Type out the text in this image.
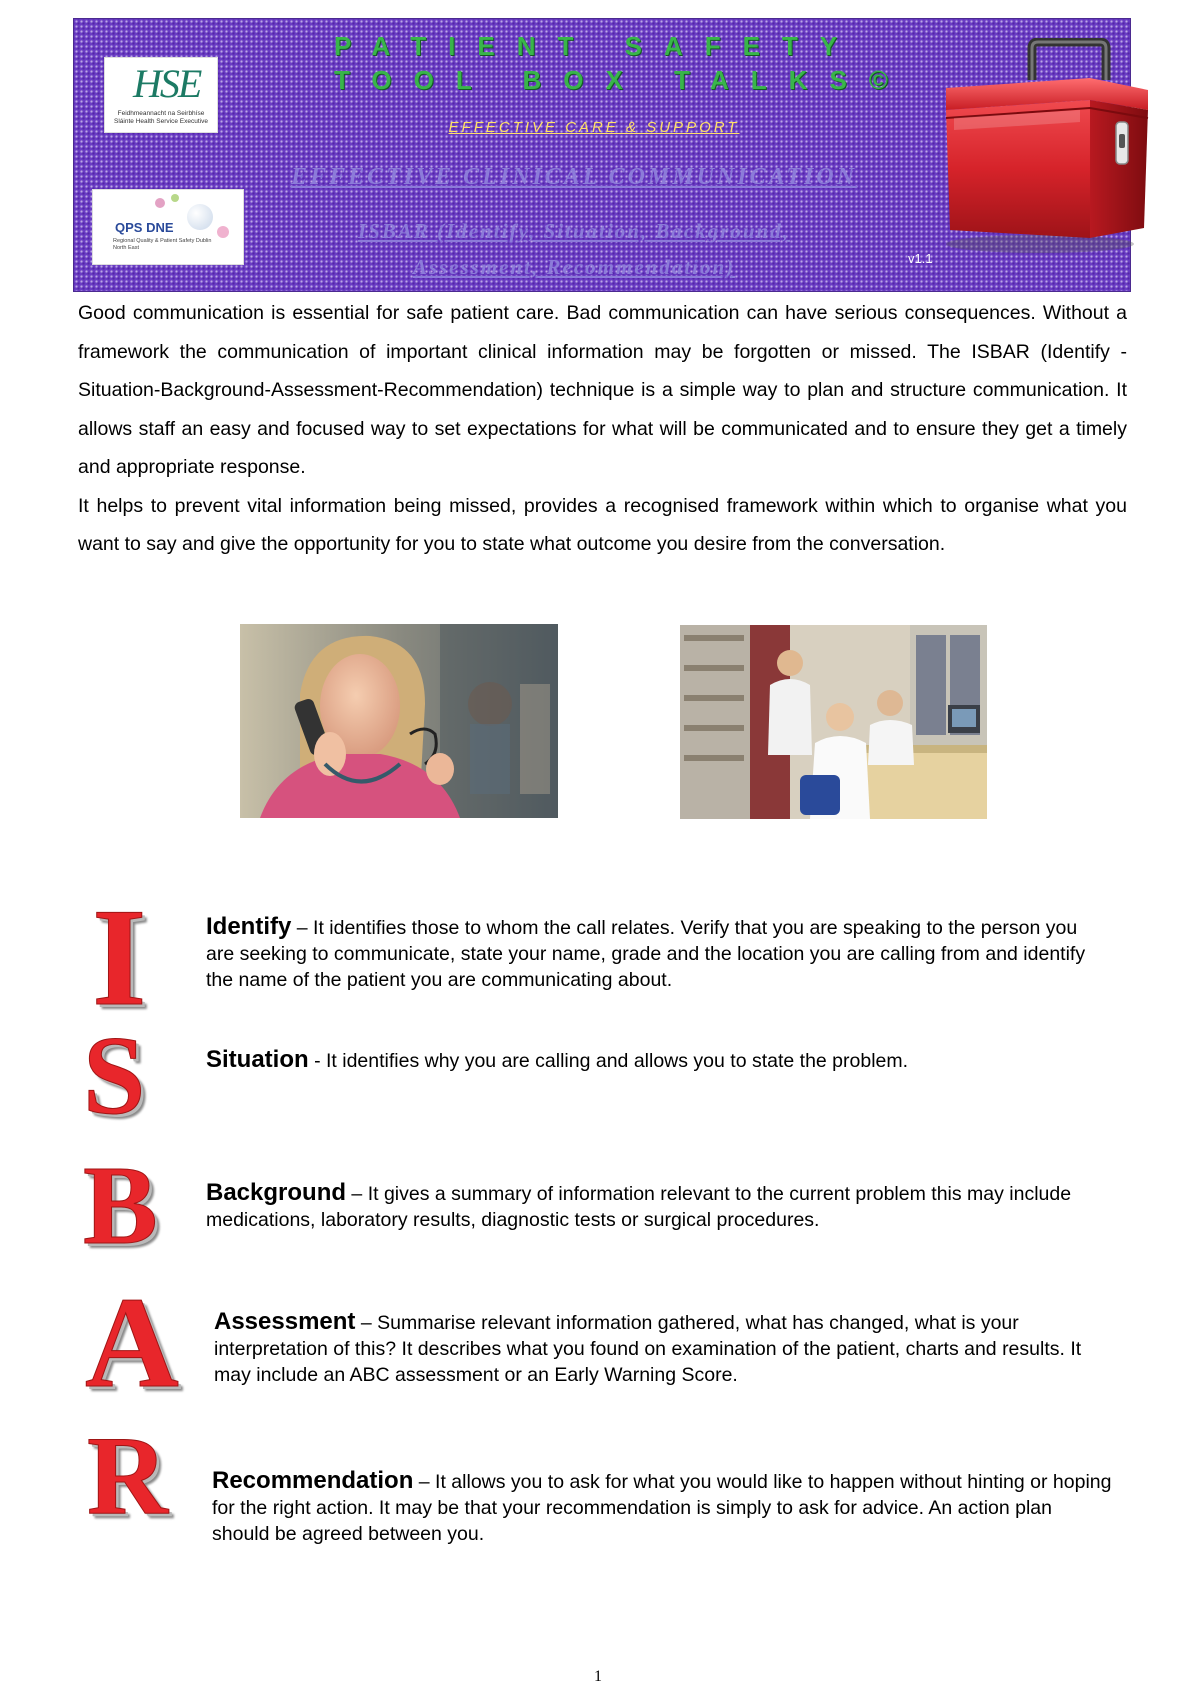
HSE
Feidhmeannacht na Seirbhíse Sláinte Health Service Executive
QPS DNE
Regional Quality & Patient Safety Dublin North East
PATIENT SAFETY
TOOL BOX TALKS©
EFFECTIVE CARE & SUPPORT
EFFECTIVE CLINICAL COMMUNICATION
ISBAR (Identify, Situation, Background,
Assessment, Recommendation)	v1.1

Good communication is essential for safe patient care. Bad communication can have serious consequences. Without a framework the communication of important clinical information may be forgotten or missed. The ISBAR (Identify -Situation-Background-Assessment-Recommendation) technique is a simple way to plan and structure communication. It allows staff an easy and focused way to set expectations for what will be communicated and to ensure they get a timely and appropriate response.

It helps to prevent vital information being missed, provides a recognised framework within which to organise what you want to say and give the opportunity for you to state what outcome you desire from the conversation.

I Identify – It identifies those to whom the call relates. Verify that you are speaking to the person you are seeking to communicate, state your name, grade and the location you are calling from and identify the name of the patient you are communicating about.
S	Situation - It identifies why you are calling and allows you to state the problem.
B Background – It gives a summary of information relevant to the current problem this may include medications, laboratory results, diagnostic tests or surgical procedures.
A Assessment – Summarise relevant information gathered, what has changed, what is your interpretation of this? It describes what you found on examination of the patient, charts and results. It may include an ABC assessment or an Early Warning Score.
R Recommendation – It allows you to ask for what you would like to happen without hinting or hoping for the right action. It may be that your recommendation is simply to ask for advice. An action plan should be agreed between you.
1
